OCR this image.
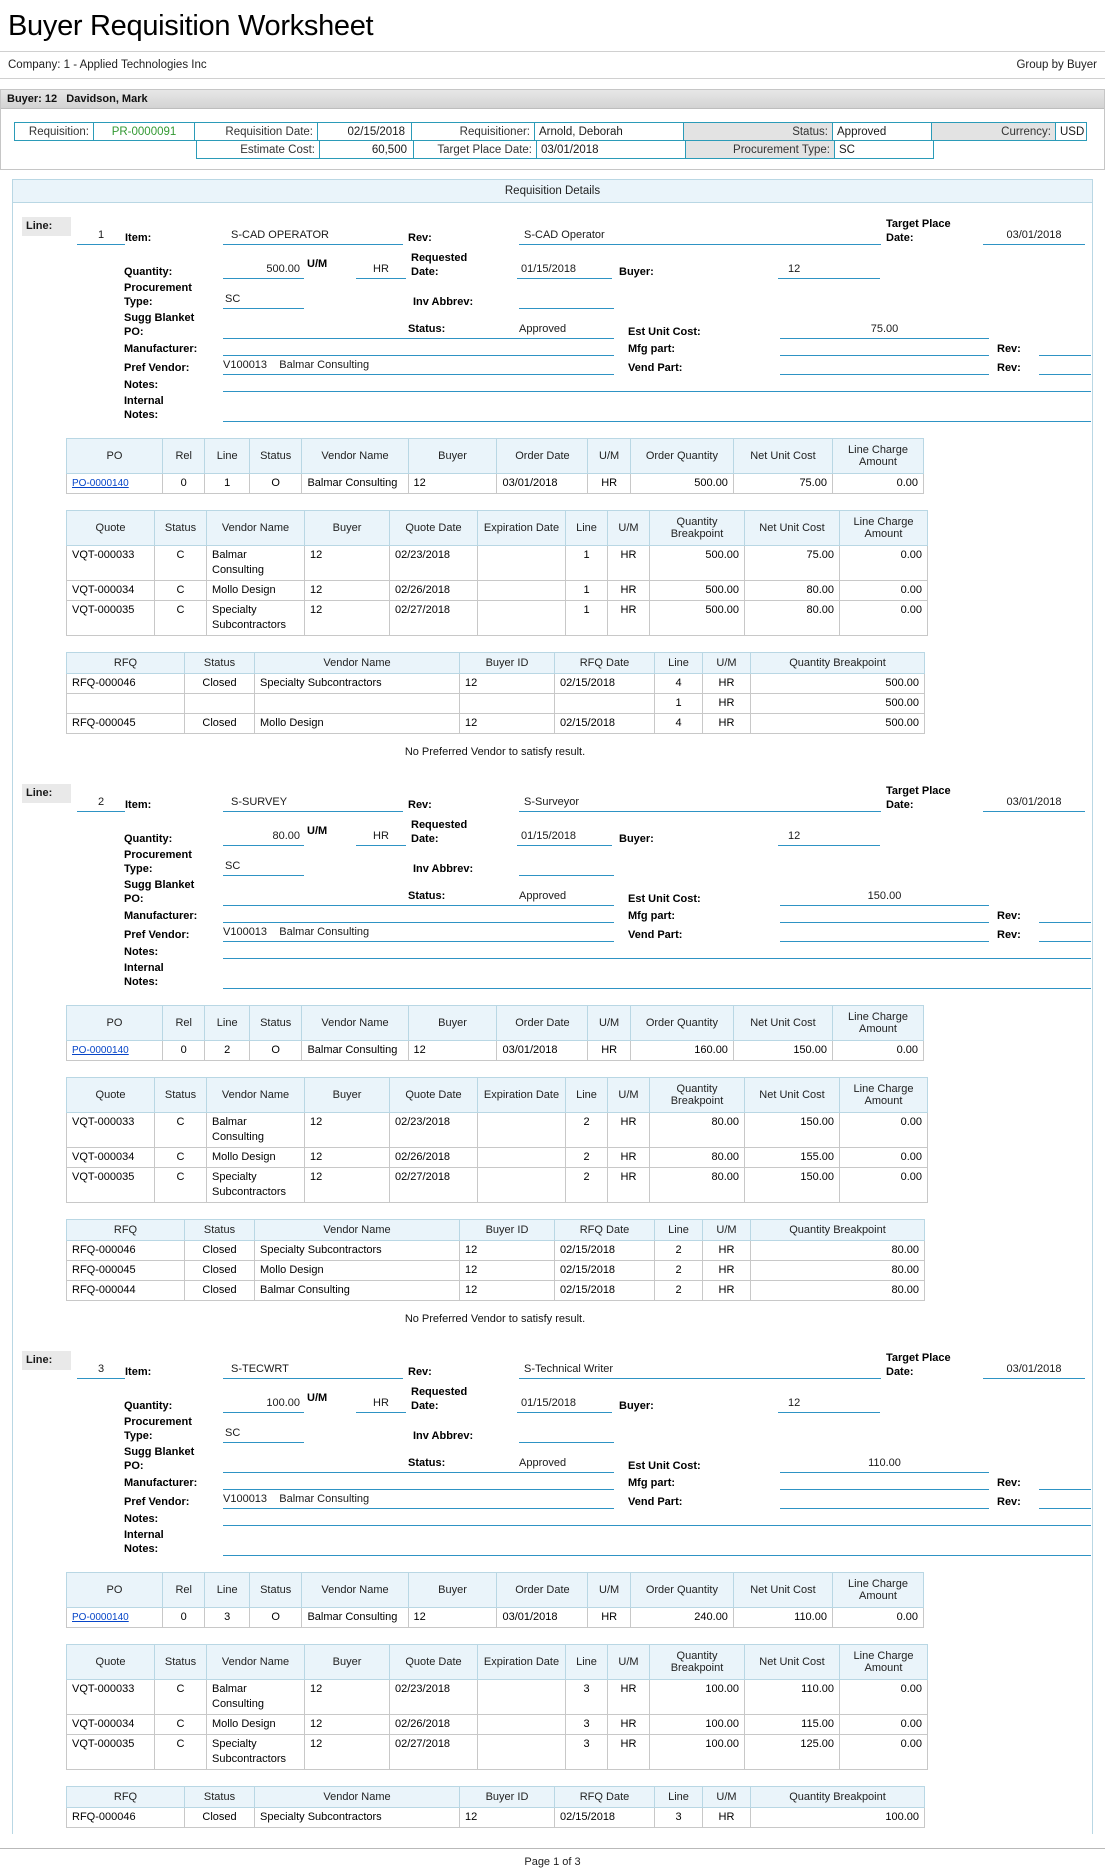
Buyer Requisition Worksheet
Company: 1 - Applied Technologies Inc	Group by Buyer
Buyer: 12   Davidson, Mark
Requisition:	PR-0000091	Requisition Date:	02/15/2018	Requisitioner: Arnold, Deborah	Status: Approved	Currency: USD
Estimate Cost:	60,500	Target Place Date: 03/01/2018	Procurement Type: SC
Requisition Details
Line:
1	Item:	S-CAD OPERATOR	Rev:	S-CAD Operator
Target Place Date:	03/01/2018
Quantity:	500.00 U/M	HR
Requested Date:	01/15/2018	Buyer:	12
Procurement Type:	SC	Inv Abbrev:
Sugg Blanket PO:	Status:	Approved	Est Unit Cost:	75.00
Manufacturer:	Mfg part:	Rev:
Pref Vendor:	V100013    Balmar Consulting	Vend Part:	Rev:
Notes:
Internal Notes:
PO	Rel	Line	Status	Vendor Name	Buyer	Order Date	U/M	Order Quantity	Net Unit Cost	Line Charge Amount
PO-0000140	0	1	O	Balmar Consulting	12	03/01/2018	HR	500.00	75.00	0.00
Quote	Status	Vendor Name	Buyer	Quote Date	Expiration Date	Line	U/M	Quantity Breakpoint	Net Unit Cost	Line Charge Amount
VQT-000033	C	Balmar Consulting	12	02/23/2018		1	HR	500.00	75.00	0.00
VQT-000034	C	Mollo Design	12	02/26/2018		1	HR	500.00	80.00	0.00
VQT-000035	C	Specialty Subcontractors	12	02/27/2018		1	HR	500.00	80.00	0.00
RFQ	Status	Vendor Name	Buyer ID	RFQ Date	Line	U/M	Quantity Breakpoint
RFQ-000046	Closed	Specialty Subcontractors	12	02/15/2018	4	HR	500.00
					1	HR	500.00
RFQ-000045	Closed	Mollo Design	12	02/15/2018	4	HR	500.00
No Preferred Vendor to satisfy result.
Line:
2	Item:	S-SURVEY	Rev:	S-Surveyor
Target Place Date:	03/01/2018
Quantity:	80.00 U/M	HR
Requested Date:	01/15/2018	Buyer:	12
Procurement Type:	SC	Inv Abbrev:
Sugg Blanket PO:	Status:	Approved	Est Unit Cost:	150.00
Manufacturer:	Mfg part:	Rev:
Pref Vendor:	V100013    Balmar Consulting	Vend Part:	Rev:
Notes:
Internal Notes:
PO	Rel	Line	Status	Vendor Name	Buyer	Order Date	U/M	Order Quantity	Net Unit Cost	Line Charge Amount
PO-0000140	0	2	O	Balmar Consulting	12	03/01/2018	HR	160.00	150.00	0.00
Quote	Status	Vendor Name	Buyer	Quote Date	Expiration Date	Line	U/M	Quantity Breakpoint	Net Unit Cost	Line Charge Amount
VQT-000033	C	Balmar Consulting	12	02/23/2018		2	HR	80.00	150.00	0.00
VQT-000034	C	Mollo Design	12	02/26/2018		2	HR	80.00	155.00	0.00
VQT-000035	C	Specialty Subcontractors	12	02/27/2018		2	HR	80.00	150.00	0.00
RFQ	Status	Vendor Name	Buyer ID	RFQ Date	Line	U/M	Quantity Breakpoint
RFQ-000046	Closed	Specialty Subcontractors	12	02/15/2018	2	HR	80.00
RFQ-000045	Closed	Mollo Design	12	02/15/2018	2	HR	80.00
RFQ-000044	Closed	Balmar Consulting	12	02/15/2018	2	HR	80.00
No Preferred Vendor to satisfy result.
Line:
3	Item:	S-TECWRT	Rev:	S-Technical Writer
Target Place Date:	03/01/2018
Quantity:	100.00 U/M	HR
Requested Date:	01/15/2018	Buyer:	12
Procurement Type:	SC	Inv Abbrev:
Sugg Blanket PO:	Status:	Approved	Est Unit Cost:	110.00
Manufacturer:	Mfg part:	Rev:
Pref Vendor:	V100013    Balmar Consulting	Vend Part:	Rev:
Notes:
Internal Notes:
PO	Rel	Line	Status	Vendor Name	Buyer	Order Date	U/M	Order Quantity	Net Unit Cost	Line Charge Amount
PO-0000140	0	3	O	Balmar Consulting	12	03/01/2018	HR	240.00	110.00	0.00
Quote	Status	Vendor Name	Buyer	Quote Date	Expiration Date	Line	U/M	Quantity Breakpoint	Net Unit Cost	Line Charge Amount
VQT-000033	C	Balmar Consulting	12	02/23/2018		3	HR	100.00	110.00	0.00
VQT-000034	C	Mollo Design	12	02/26/2018		3	HR	100.00	115.00	0.00
VQT-000035	C	Specialty Subcontractors	12	02/27/2018		3	HR	100.00	125.00	0.00
RFQ	Status	Vendor Name	Buyer ID	RFQ Date	Line	U/M	Quantity Breakpoint
RFQ-000046	Closed	Specialty Subcontractors	12	02/15/2018	3	HR	100.00
Page 1 of 3
